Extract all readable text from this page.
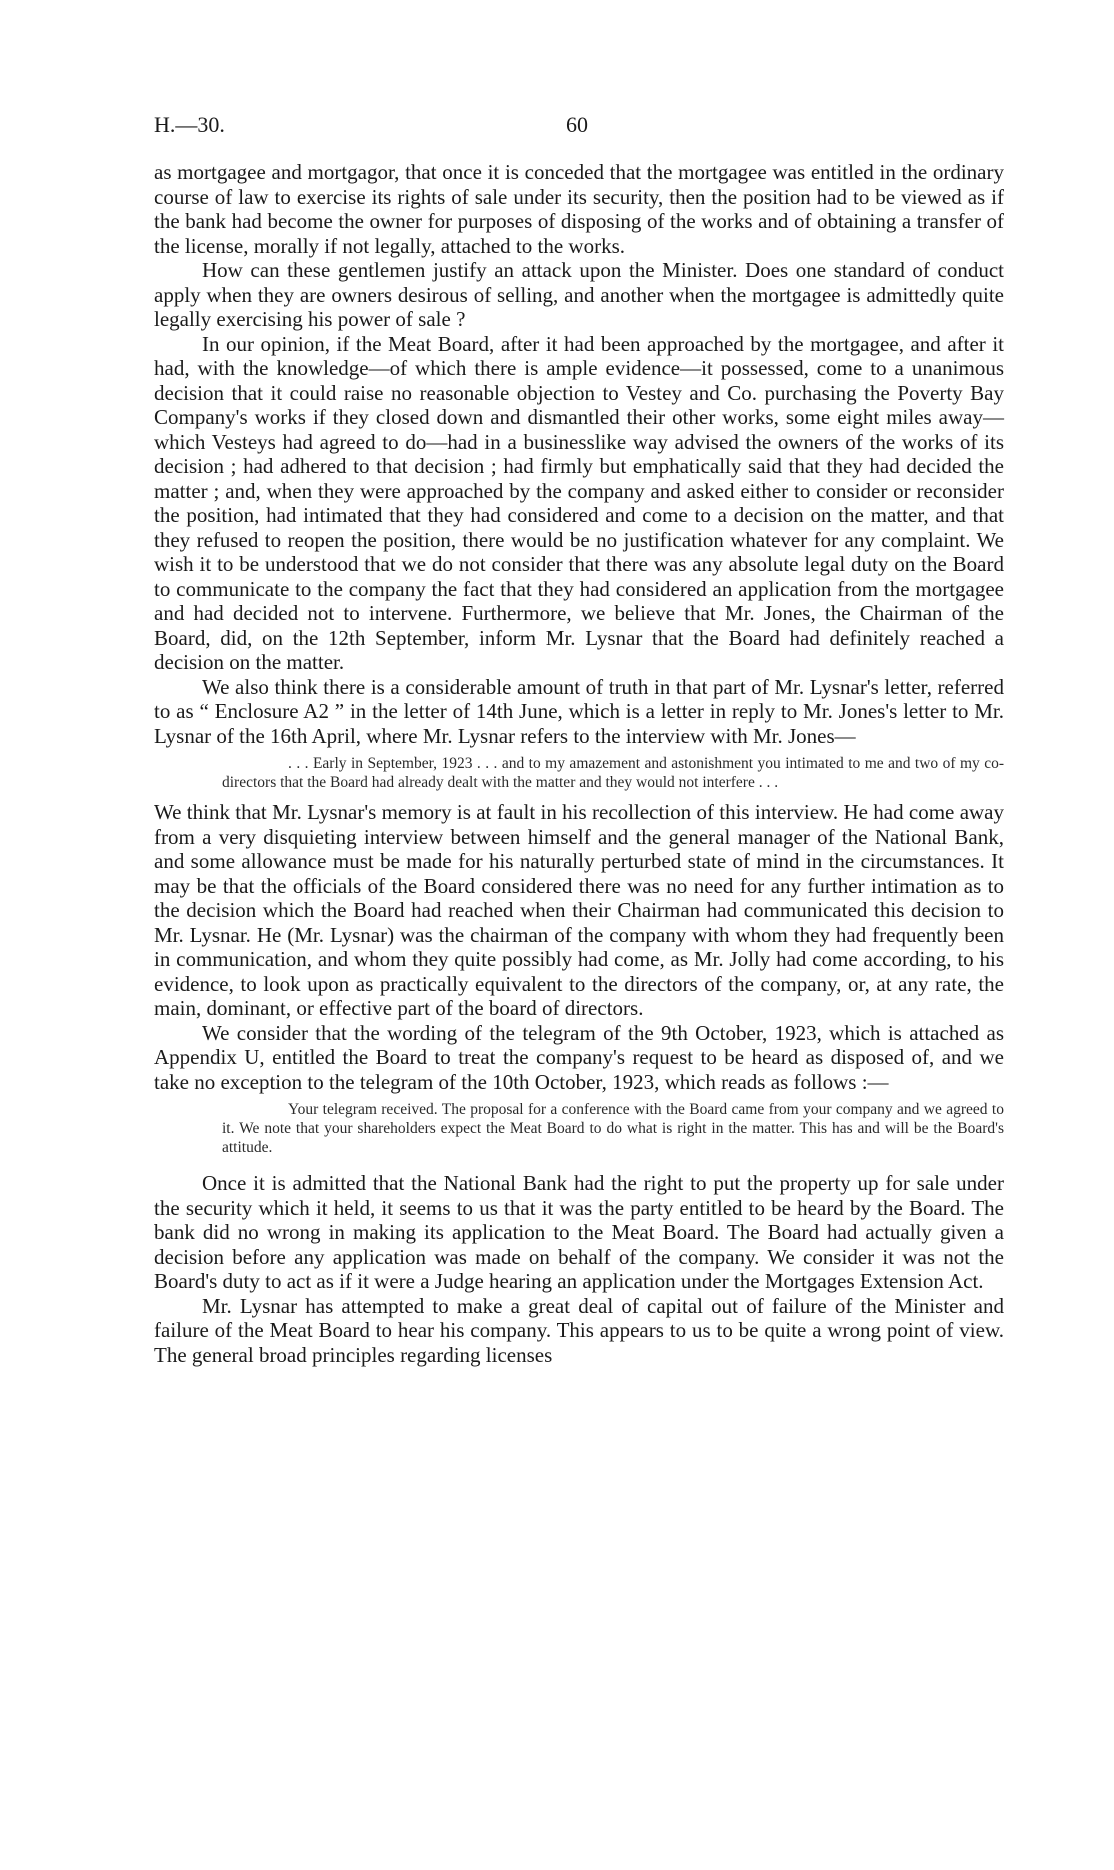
H.—30.	60

as mortgagee and mortgagor, that once it is conceded that the mortgagee was entitled in the ordinary course of law to exercise its rights of sale under its security, then the position had to be viewed as if the bank had become the owner for purposes of disposing of the works and of obtaining a transfer of the license, morally if not legally, attached to the works.

How can these gentlemen justify an attack upon the Minister. Does one standard of conduct apply when they are owners desirous of selling, and another when the mortgagee is admittedly quite legally exercising his power of sale ?

In our opinion, if the Meat Board, after it had been approached by the mortgagee, and after it had, with the knowledge—of which there is ample evidence—it possessed, come to a unanimous decision that it could raise no reasonable objection to Vestey and Co. purchasing the Poverty Bay Company's works if they closed down and dismantled their other works, some eight miles away—which Vesteys had agreed to do—had in a businesslike way advised the owners of the works of its decision ; had adhered to that decision ; had firmly but emphatically said that they had decided the matter ; and, when they were approached by the company and asked either to consider or reconsider the position, had intimated that they had considered and come to a decision on the matter, and that they refused to reopen the position, there would be no justification whatever for any complaint. We wish it to be understood that we do not consider that there was any absolute legal duty on the Board to communicate to the company the fact that they had considered an application from the mortgagee and had decided not to intervene. Furthermore, we believe that Mr. Jones, the Chairman of the Board, did, on the 12th September, inform Mr. Lysnar that the Board had definitely reached a decision on the matter.

We also think there is a considerable amount of truth in that part of Mr. Lysnar's letter, referred to as “ Enclosure A2 ” in the letter of 14th June, which is a letter in reply to Mr. Jones's letter to Mr. Lysnar of the 16th April, where Mr. Lysnar refers to the interview with Mr. Jones—

. . . Early in September, 1923 . . . and to my amazement and astonishment you intimated to me and two of my co-directors that the Board had already dealt with the matter and they would not interfere . . .

We think that Mr. Lysnar's memory is at fault in his recollection of this interview. He had come away from a very disquieting interview between himself and the general manager of the National Bank, and some allowance must be made for his naturally perturbed state of mind in the circumstances. It may be that the officials of the Board considered there was no need for any further intimation as to the decision which the Board had reached when their Chairman had communicated this decision to Mr. Lysnar. He (Mr. Lysnar) was the chairman of the company with whom they had frequently been in communication, and whom they quite possibly had come, as Mr. Jolly had come according, to his evidence, to look upon as practically equivalent to the directors of the company, or, at any rate, the main, dominant, or effective part of the board of directors.

We consider that the wording of the telegram of the 9th October, 1923, which is attached as Appendix U, entitled the Board to treat the company's request to be heard as disposed of, and we take no exception to the telegram of the 10th October, 1923, which reads as follows :—

Your telegram received. The proposal for a conference with the Board came from your company and we agreed to it. We note that your shareholders expect the Meat Board to do what is right in the matter. This has and will be the Board's attitude.

Once it is admitted that the National Bank had the right to put the property up for sale under the security which it held, it seems to us that it was the party entitled to be heard by the Board. The bank did no wrong in making its application to the Meat Board. The Board had actually given a decision before any application was made on behalf of the company. We consider it was not the Board's duty to act as if it were a Judge hearing an application under the Mortgages Extension Act.

Mr. Lysnar has attempted to make a great deal of capital out of failure of the Minister and failure of the Meat Board to hear his company. This appears to us to be quite a wrong point of view. The general broad principles regarding licenses
